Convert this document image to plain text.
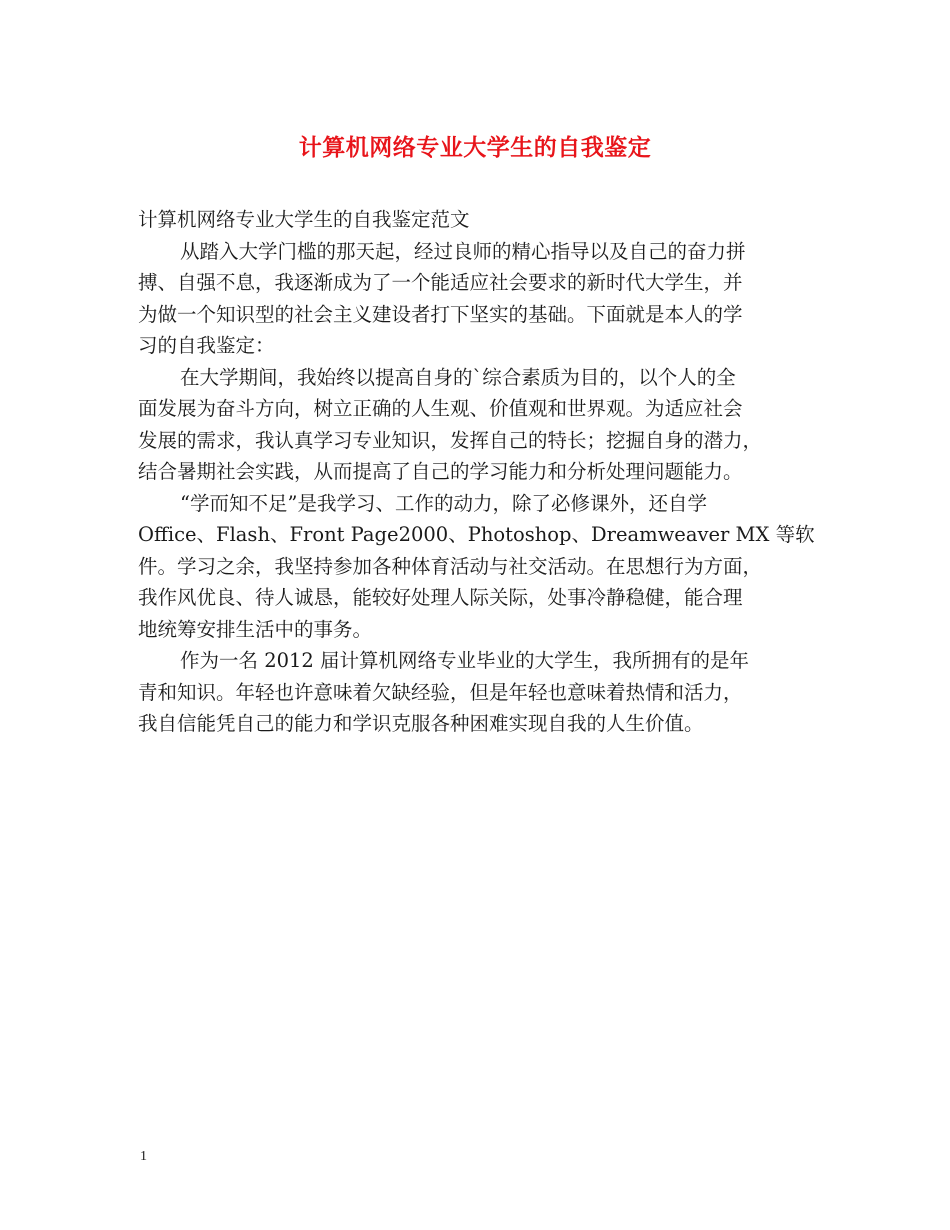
计算机网络专业大学生的自我鉴定
计算机网络专业大学生的自我鉴定范文
从踏入大学门槛的那天起，经过良师的精心指导以及自己的奋力拼
搏、自强不息，我逐渐成为了一个能适应社会要求的新时代大学生，并
为做一个知识型的社会主义建设者打下坚实的基础。下面就是本人的学
习的自我鉴定：
在大学期间，我始终以提高自身的`综合素质为目的，以个人的全
面发展为奋斗方向，树立正确的人生观、价值观和世界观。为适应社会
发展的需求，我认真学习专业知识，发挥自己的特长；挖掘自身的潜力，
结合暑期社会实践，从而提高了自己的学习能力和分析处理问题能力。
“学而知不足”是我学习、工作的动力，除了必修课外，还自学
Office、Flash、Front Page2000、Photoshop、Dreamweaver MX 等软
件。学习之余，我坚持参加各种体育活动与社交活动。在思想行为方面，
我作风优良、待人诚恳，能较好处理人际关际，处事冷静稳健，能合理
地统筹安排生活中的事务。
作为一名 2012 届计算机网络专业毕业的大学生，我所拥有的是年
青和知识。年轻也许意味着欠缺经验，但是年轻也意味着热情和活力，
我自信能凭自己的能力和学识克服各种困难实现自我的人生价值。
1
